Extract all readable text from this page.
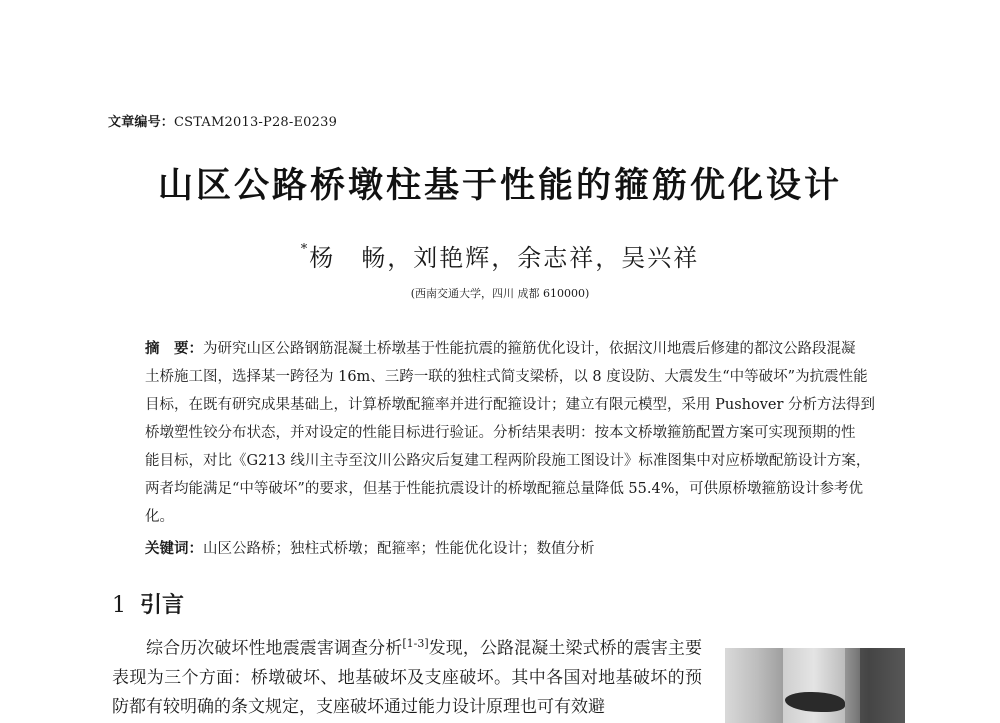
文章编号：CSTAM2013-P28-E0239
山区公路桥墩柱基于性能的箍筋优化设计
*杨　畅，刘艳辉，余志祥，吴兴祥
(西南交通大学，四川 成都 610000)
摘　要：为研究山区公路钢筋混凝土桥墩基于性能抗震的箍筋优化设计，依据汶川地震后修建的都汶公路段混凝
土桥施工图，选择某一跨径为 16m、三跨一联的独柱式简支梁桥，以 8 度设防、大震发生“中等破坏”为抗震性能
目标，在既有研究成果基础上，计算桥墩配箍率并进行配箍设计；建立有限元模型，采用 Pushover 分析方法得到
桥墩塑性铰分布状态，并对设定的性能目标进行验证。分析结果表明：按本文桥墩箍筋配置方案可实现预期的性
能目标，对比《G213 线川主寺至汶川公路灾后复建工程两阶段施工图设计》标准图集中对应桥墩配筋设计方案，
两者均能满足“中等破坏”的要求，但基于性能抗震设计的桥墩配箍总量降低 55.4%，可供原桥墩箍筋设计参考优
化。
关键词：山区公路桥；独柱式桥墩；配箍率；性能优化设计；数值分析
1 引言
综合历次破坏性地震震害调查分析[1-3]发现，公路混凝土梁式桥的震害主要表现为三个方面：桥墩破坏、地基破坏及支座破坏。其中各国对地基破坏的预防都有较明确的条文规定，支座破坏通过能力设计原理也可有效避
